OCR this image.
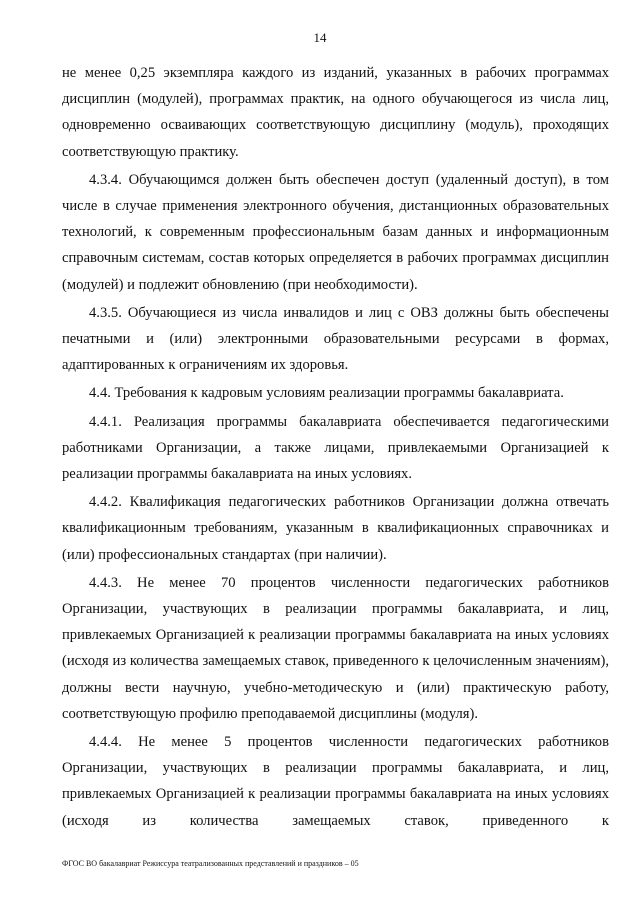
14

не менее 0,25 экземпляра каждого из изданий, указанных в рабочих программах дисциплин (модулей), программах практик, на одного обучающегося из числа лиц, одновременно осваивающих соответствующую дисциплину (модуль), проходящих соответствующую практику.

4.3.4. Обучающимся должен быть обеспечен доступ (удаленный доступ), в том числе в случае применения электронного обучения, дистанционных образовательных технологий, к современным профессиональным базам данных и информационным справочным системам, состав которых определяется в рабочих программах дисциплин (модулей) и подлежит обновлению (при необходимости).

4.3.5. Обучающиеся из числа инвалидов и лиц с ОВЗ должны быть обеспечены печатными и (или) электронными образовательными ресурсами в формах, адаптированных к ограничениям их здоровья.

4.4. Требования к кадровым условиям реализации программы бакалавриата.

4.4.1. Реализация программы бакалавриата обеспечивается педагогическими работниками Организации, а также лицами, привлекаемыми Организацией к реализации программы бакалавриата на иных условиях.

4.4.2. Квалификация педагогических работников Организации должна отвечать квалификационным требованиям, указанным в квалификационных справочниках и (или) профессиональных стандартах (при наличии).

4.4.3. Не менее 70 процентов численности педагогических работников Организации, участвующих в реализации программы бакалавриата, и лиц, привлекаемых Организацией к реализации программы бакалавриата на иных условиях (исходя из количества замещаемых ставок, приведенного к целочисленным значениям), должны вести научную, учебно-методическую и (или) практическую работу, соответствующую профилю преподаваемой дисциплины (модуля).

4.4.4. Не менее 5 процентов численности педагогических работников Организации, участвующих в реализации программы бакалавриата, и лиц, привлекаемых Организацией к реализации программы бакалавриата на иных условиях (исходя из количества замещаемых ставок, приведенного к

ФГОС ВО бакалавриат Режиссура театрализованных представлений и праздников – 05
